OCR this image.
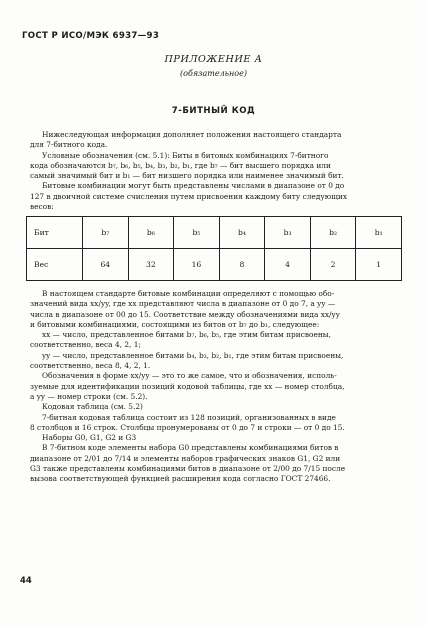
ГОСТ Р ИСО/МЭК 6937—93
ПРИЛОЖЕНИЕ А
(обязательное)
7-БИТНЫЙ КОД
Нижеследующая информация дополняет положения настоящего стандарта
для 7-битного кода.
Условные обозначения (см. 5.1): Биты в битовых комбинациях 7-битного
кода обозначаются b₇, b₆, b₅, b₄, b₃, b₂, b₁, где b₇ — бит высшего порядка или
самый значимый бит и b₁ — бит низшего порядка или наименее значимый бит.
Битовые комбинации могут быть представлены числами в диапазоне от 0 до
127 в двоичной системе счисления путем присвоения каждому биту следующих
весов:
Бит	b₇	b₆	b₅	b₄	b₃	b₂	b₁
Вес	64	32	16	8	4	2	1
В настоящем стандарте битовые комбинации определяют с помощью обо-
значений вида xx/yy, где xx представляют числа в диапазоне от 0 до 7, а yy —
числа в диапазоне от 00 до 15. Соответствие между обозначениями вида xx/yy
и битовыми комбинациями, состоящими из битов от b₇ до b₁, следующее:
xx — число, представленное битами b₇, b₆, b₅, где этим битам присвоены,
соответственно, веса 4, 2, 1;
yy — число, представленное битами b₄, b₃, b₂, b₁, где этим битам присвоены,
соответственно, веса 8, 4, 2, 1.
Обозначения в форме xx/yy — это то же самое, что и обозначения, исполь-
зуемые для идентификации позиций кодовой таблицы, где xx — номер столбца,
а yy — номер строки (см. 5.2).
Кодовая таблица (см. 5.2)
7-битная кодовая таблица состоит из 128 позиций, организованных в виде
8 столбцов и 16 строк. Столбцы пронумерованы от 0 до 7 и строки — от 0 до 15.
Наборы G0, G1, G2 и G3
В 7-битном коде элементы набора G0 представлены комбинациями битов в
диапазоне от 2/01 до 7/14 и элементы наборов графических знаков G1, G2 или
G3 также представлены комбинациями битов в диапазоне от 2/00 до 7/15 после
вызова соответствующей функцией расширения кода согласно ГОСТ 27466.
44
